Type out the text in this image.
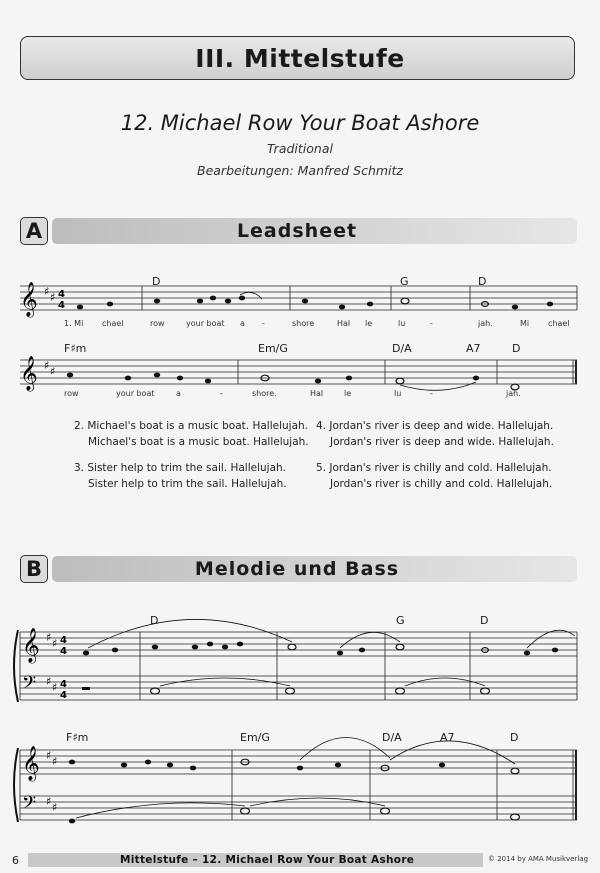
III. Mittelstufe
12. Michael Row Your Boat Ashore
Traditional
Bearbeitungen: Manfred Schmitz
A	Leadsheet
𝄞 ♯ ♯ 4
4
D	G	D
1. Mi chael	row	your boat a -	shore	Hal le	lu	-	jah.	Mi chael
𝄞 ♯ ♯
F♯m	Em/G	D/A	A7	D
row	your boat	a	-	shore.	Hal	le	lu	-	jah.
2. Michael's boat is a music boat. Hallelujah.
Michael's boat is a music boat. Hallelujah.
3. Sister help to trim the sail. Hallelujah.
Sister help to trim the sail. Hallelujah.
4. Jordan's river is deep and wide. Hallelujah.
Jordan's river is deep and wide. Hallelujah.
5. Jordan's river is chilly and cold. Hallelujah.
Jordan's river is chilly and cold. Hallelujah.
B	Melodie und Bass
𝄞
𝄢
♯ ♯
♯ ♯
4
4
4
4
D	G	D
𝄞
𝄢
♯ ♯
♯ ♯
F♯m	Em/G	D/A	A7	D
6	Mittelstufe – 12. Michael Row Your Boat Ashore	© 2014 by AMA Musikverlag
